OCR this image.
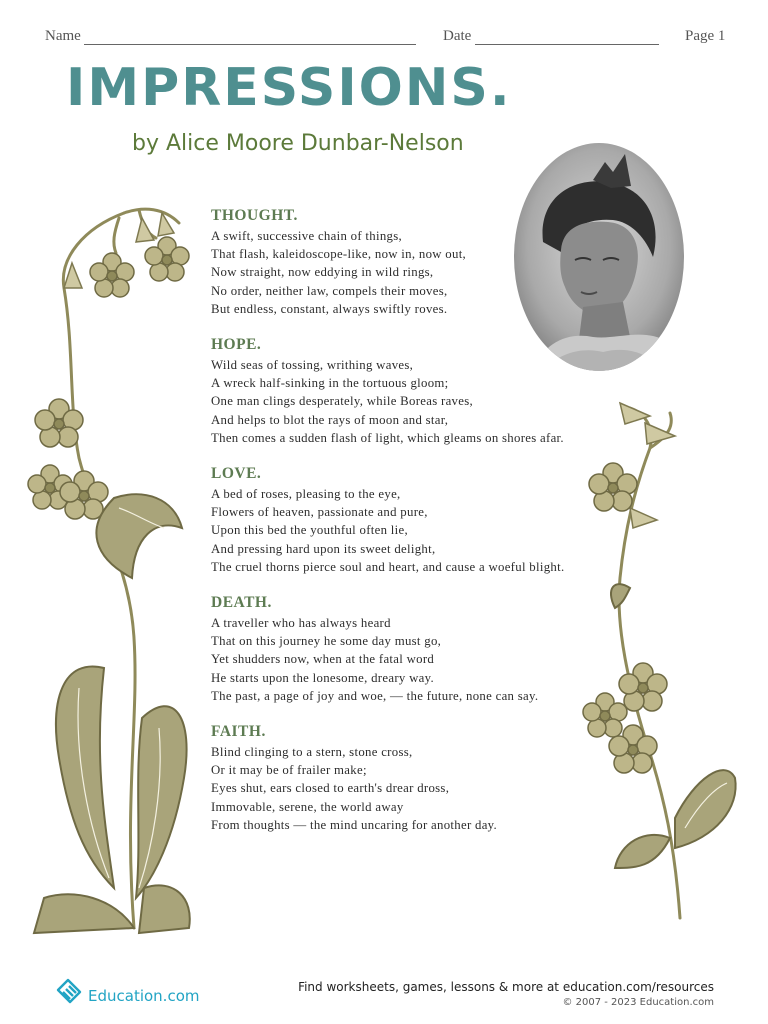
Name	Date	Page 1
IMPRESSIONS.

by Alice Moore Dunbar-Nelson

THOUGHT.
A swift, successive chain of things,
That flash, kaleidoscope-like, now in, now out,
Now straight, now eddying in wild rings,
No order, neither law, compels their moves,
But endless, constant, always swiftly roves.
HOPE.
Wild seas of tossing, writhing waves,
A wreck half-sinking in the tortuous gloom;
One man clings desperately, while Boreas raves,
And helps to blot the rays of moon and star,
Then comes a sudden flash of light, which gleams on shores afar.
LOVE.
A bed of roses, pleasing to the eye,
Flowers of heaven, passionate and pure,
Upon this bed the youthful often lie,
And pressing hard upon its sweet delight,
The cruel thorns pierce soul and heart, and cause a woeful blight.
DEATH.
A traveller who has always heard
That on this journey he some day must go,
Yet shudders now, when at the fatal word
He starts upon the lonesome, dreary way.
The past, a page of joy and woe, — the future, none can say.
FAITH.
Blind clinging to a stern, stone cross,
Or it may be of frailer make;
Eyes shut, ears closed to earth's drear dross,
Immovable, serene, the world away
From thoughts — the mind uncaring for another day.
Education.com	Find worksheets, games, lessons & more at education.com/resources
© 2007 - 2023 Education.com
